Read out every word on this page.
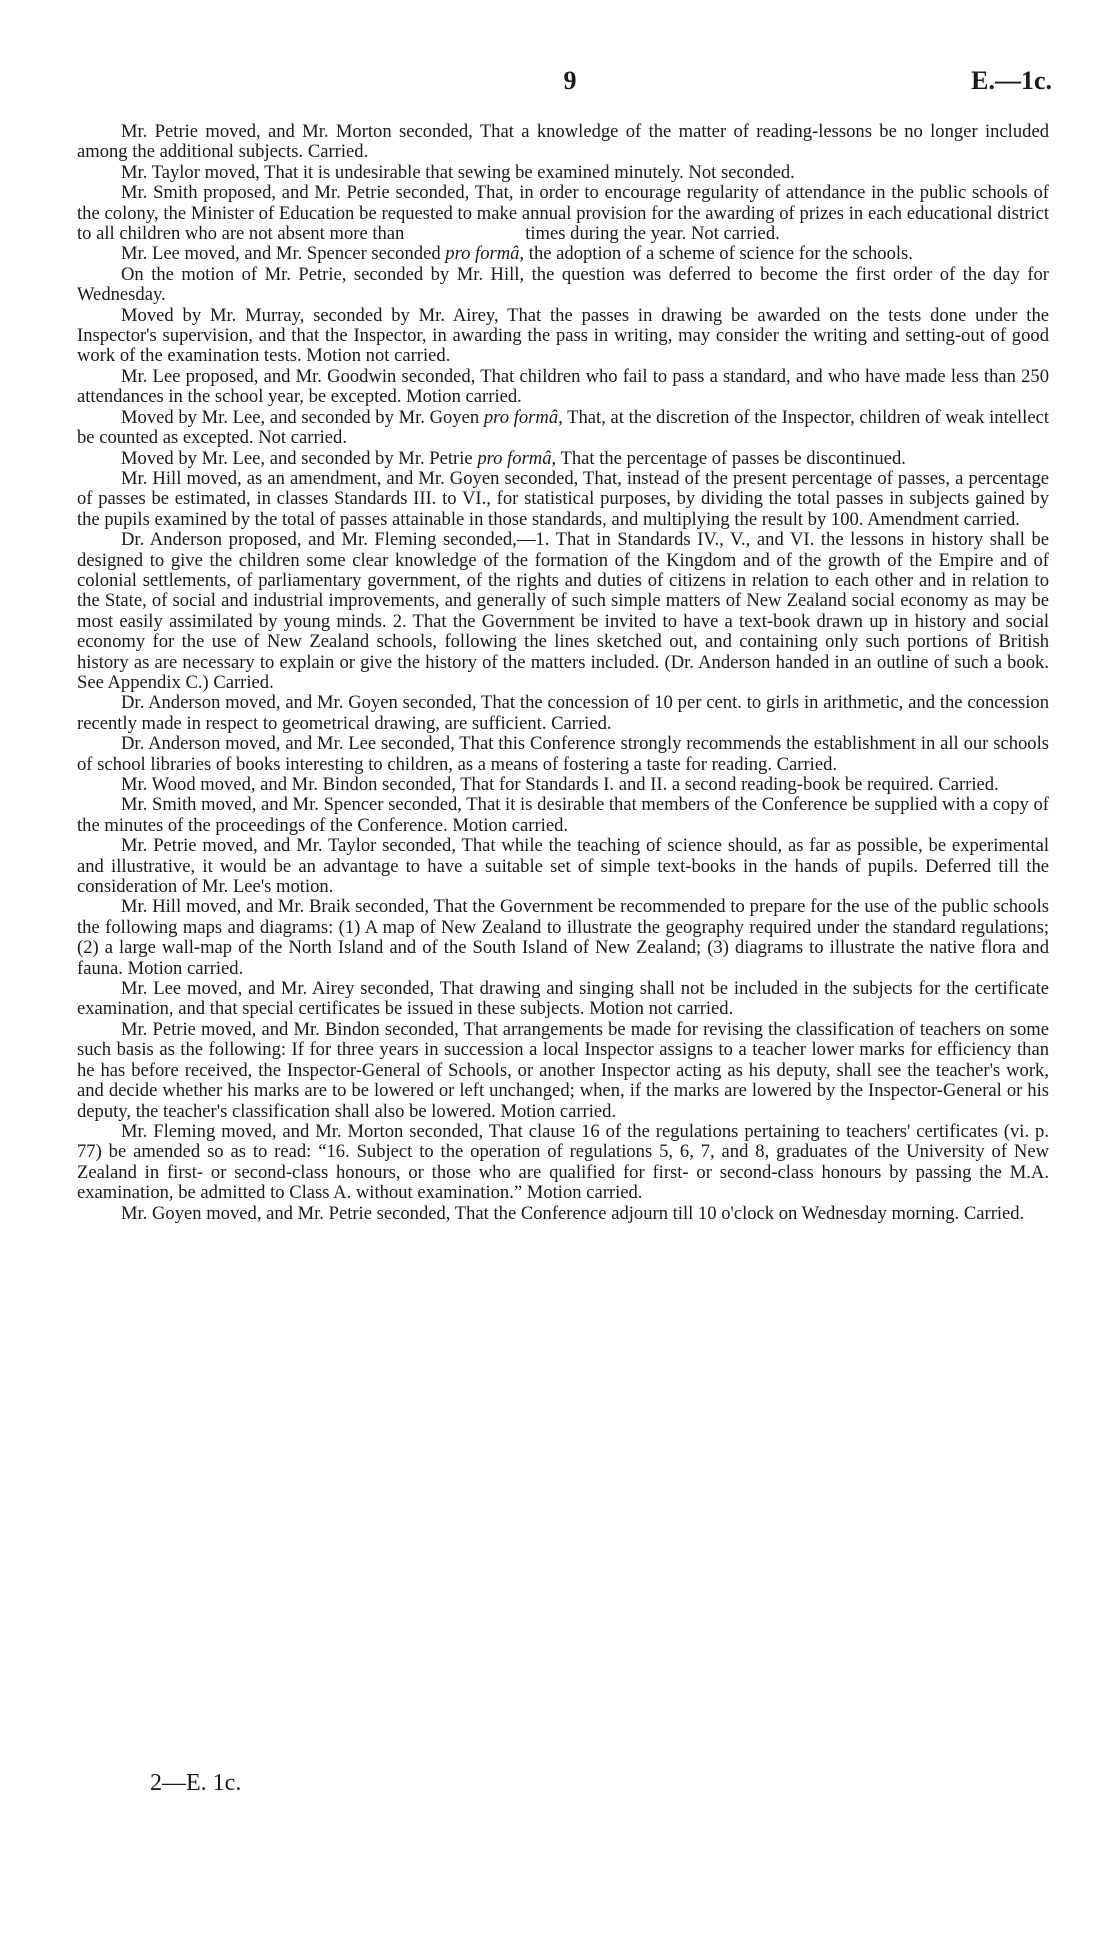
9	E.—1c.

Mr. Petrie moved, and Mr. Morton seconded, That a knowledge of the matter of reading-lessons be no longer included among the additional subjects. Carried.

Mr. Taylor moved, That it is undesirable that sewing be examined minutely. Not seconded.

Mr. Smith proposed, and Mr. Petrie seconded, That, in order to encourage regularity of attendance in the public schools of the colony, the Minister of Education be requested to make annual provision for the awarding of prizes in each educational district to all children who are not absent more than                          times during the year. Not carried.

Mr. Lee moved, and Mr. Spencer seconded pro formâ, the adoption of a scheme of science for the schools.

On the motion of Mr. Petrie, seconded by Mr. Hill, the question was deferred to become the first order of the day for Wednesday.

Moved by Mr. Murray, seconded by Mr. Airey, That the passes in drawing be awarded on the tests done under the Inspector's supervision, and that the Inspector, in awarding the pass in writing, may consider the writing and setting-out of good work of the examination tests. Motion not carried.

Mr. Lee proposed, and Mr. Goodwin seconded, That children who fail to pass a standard, and who have made less than 250 attendances in the school year, be excepted. Motion carried.

Moved by Mr. Lee, and seconded by Mr. Goyen pro formâ, That, at the discretion of the Inspector, children of weak intellect be counted as excepted. Not carried.

Moved by Mr. Lee, and seconded by Mr. Petrie pro formâ, That the percentage of passes be discontinued.

Mr. Hill moved, as an amendment, and Mr. Goyen seconded, That, instead of the present percentage of passes, a percentage of passes be estimated, in classes Standards III. to VI., for statistical purposes, by dividing the total passes in subjects gained by the pupils examined by the total of passes attainable in those standards, and multiplying the result by 100. Amendment carried.

Dr. Anderson proposed, and Mr. Fleming seconded,—1. That in Standards IV., V., and VI. the lessons in history shall be designed to give the children some clear knowledge of the formation of the Kingdom and of the growth of the Empire and of colonial settlements, of parliamentary government, of the rights and duties of citizens in relation to each other and in relation to the State, of social and industrial improvements, and generally of such simple matters of New Zealand social economy as may be most easily assimilated by young minds. 2. That the Government be invited to have a text-book drawn up in history and social economy for the use of New Zealand schools, following the lines sketched out, and containing only such portions of British history as are necessary to explain or give the history of the matters included. (Dr. Anderson handed in an outline of such a book. See Appendix C.) Carried.

Dr. Anderson moved, and Mr. Goyen seconded, That the concession of 10 per cent. to girls in arithmetic, and the concession recently made in respect to geometrical drawing, are sufficient. Carried.

Dr. Anderson moved, and Mr. Lee seconded, That this Conference strongly recommends the establishment in all our schools of school libraries of books interesting to children, as a means of fostering a taste for reading. Carried.

Mr. Wood moved, and Mr. Bindon seconded, That for Standards I. and II. a second reading-book be required. Carried.

Mr. Smith moved, and Mr. Spencer seconded, That it is desirable that members of the Conference be supplied with a copy of the minutes of the proceedings of the Conference. Motion carried.

Mr. Petrie moved, and Mr. Taylor seconded, That while the teaching of science should, as far as possible, be experimental and illustrative, it would be an advantage to have a suitable set of simple text-books in the hands of pupils. Deferred till the consideration of Mr. Lee's motion.

Mr. Hill moved, and Mr. Braik seconded, That the Government be recommended to prepare for the use of the public schools the following maps and diagrams: (1) A map of New Zealand to illustrate the geography required under the standard regulations; (2) a large wall-map of the North Island and of the South Island of New Zealand; (3) diagrams to illustrate the native flora and fauna. Motion carried.

Mr. Lee moved, and Mr. Airey seconded, That drawing and singing shall not be included in the subjects for the certificate examination, and that special certificates be issued in these subjects. Motion not carried.

Mr. Petrie moved, and Mr. Bindon seconded, That arrangements be made for revising the classification of teachers on some such basis as the following: If for three years in succession a local Inspector assigns to a teacher lower marks for efficiency than he has before received, the Inspector-General of Schools, or another Inspector acting as his deputy, shall see the teacher's work, and decide whether his marks are to be lowered or left unchanged; when, if the marks are lowered by the Inspector-General or his deputy, the teacher's classification shall also be lowered. Motion carried.

Mr. Fleming moved, and Mr. Morton seconded, That clause 16 of the regulations pertaining to teachers' certificates (vi. p. 77) be amended so as to read: “16. Subject to the operation of regulations 5, 6, 7, and 8, graduates of the University of New Zealand in first- or second-class honours, or those who are qualified for first- or second-class honours by passing the M.A. examination, be admitted to Class A. without examination.” Motion carried.

Mr. Goyen moved, and Mr. Petrie seconded, That the Conference adjourn till 10 o'clock on Wednesday morning. Carried.

2—E. 1c.
